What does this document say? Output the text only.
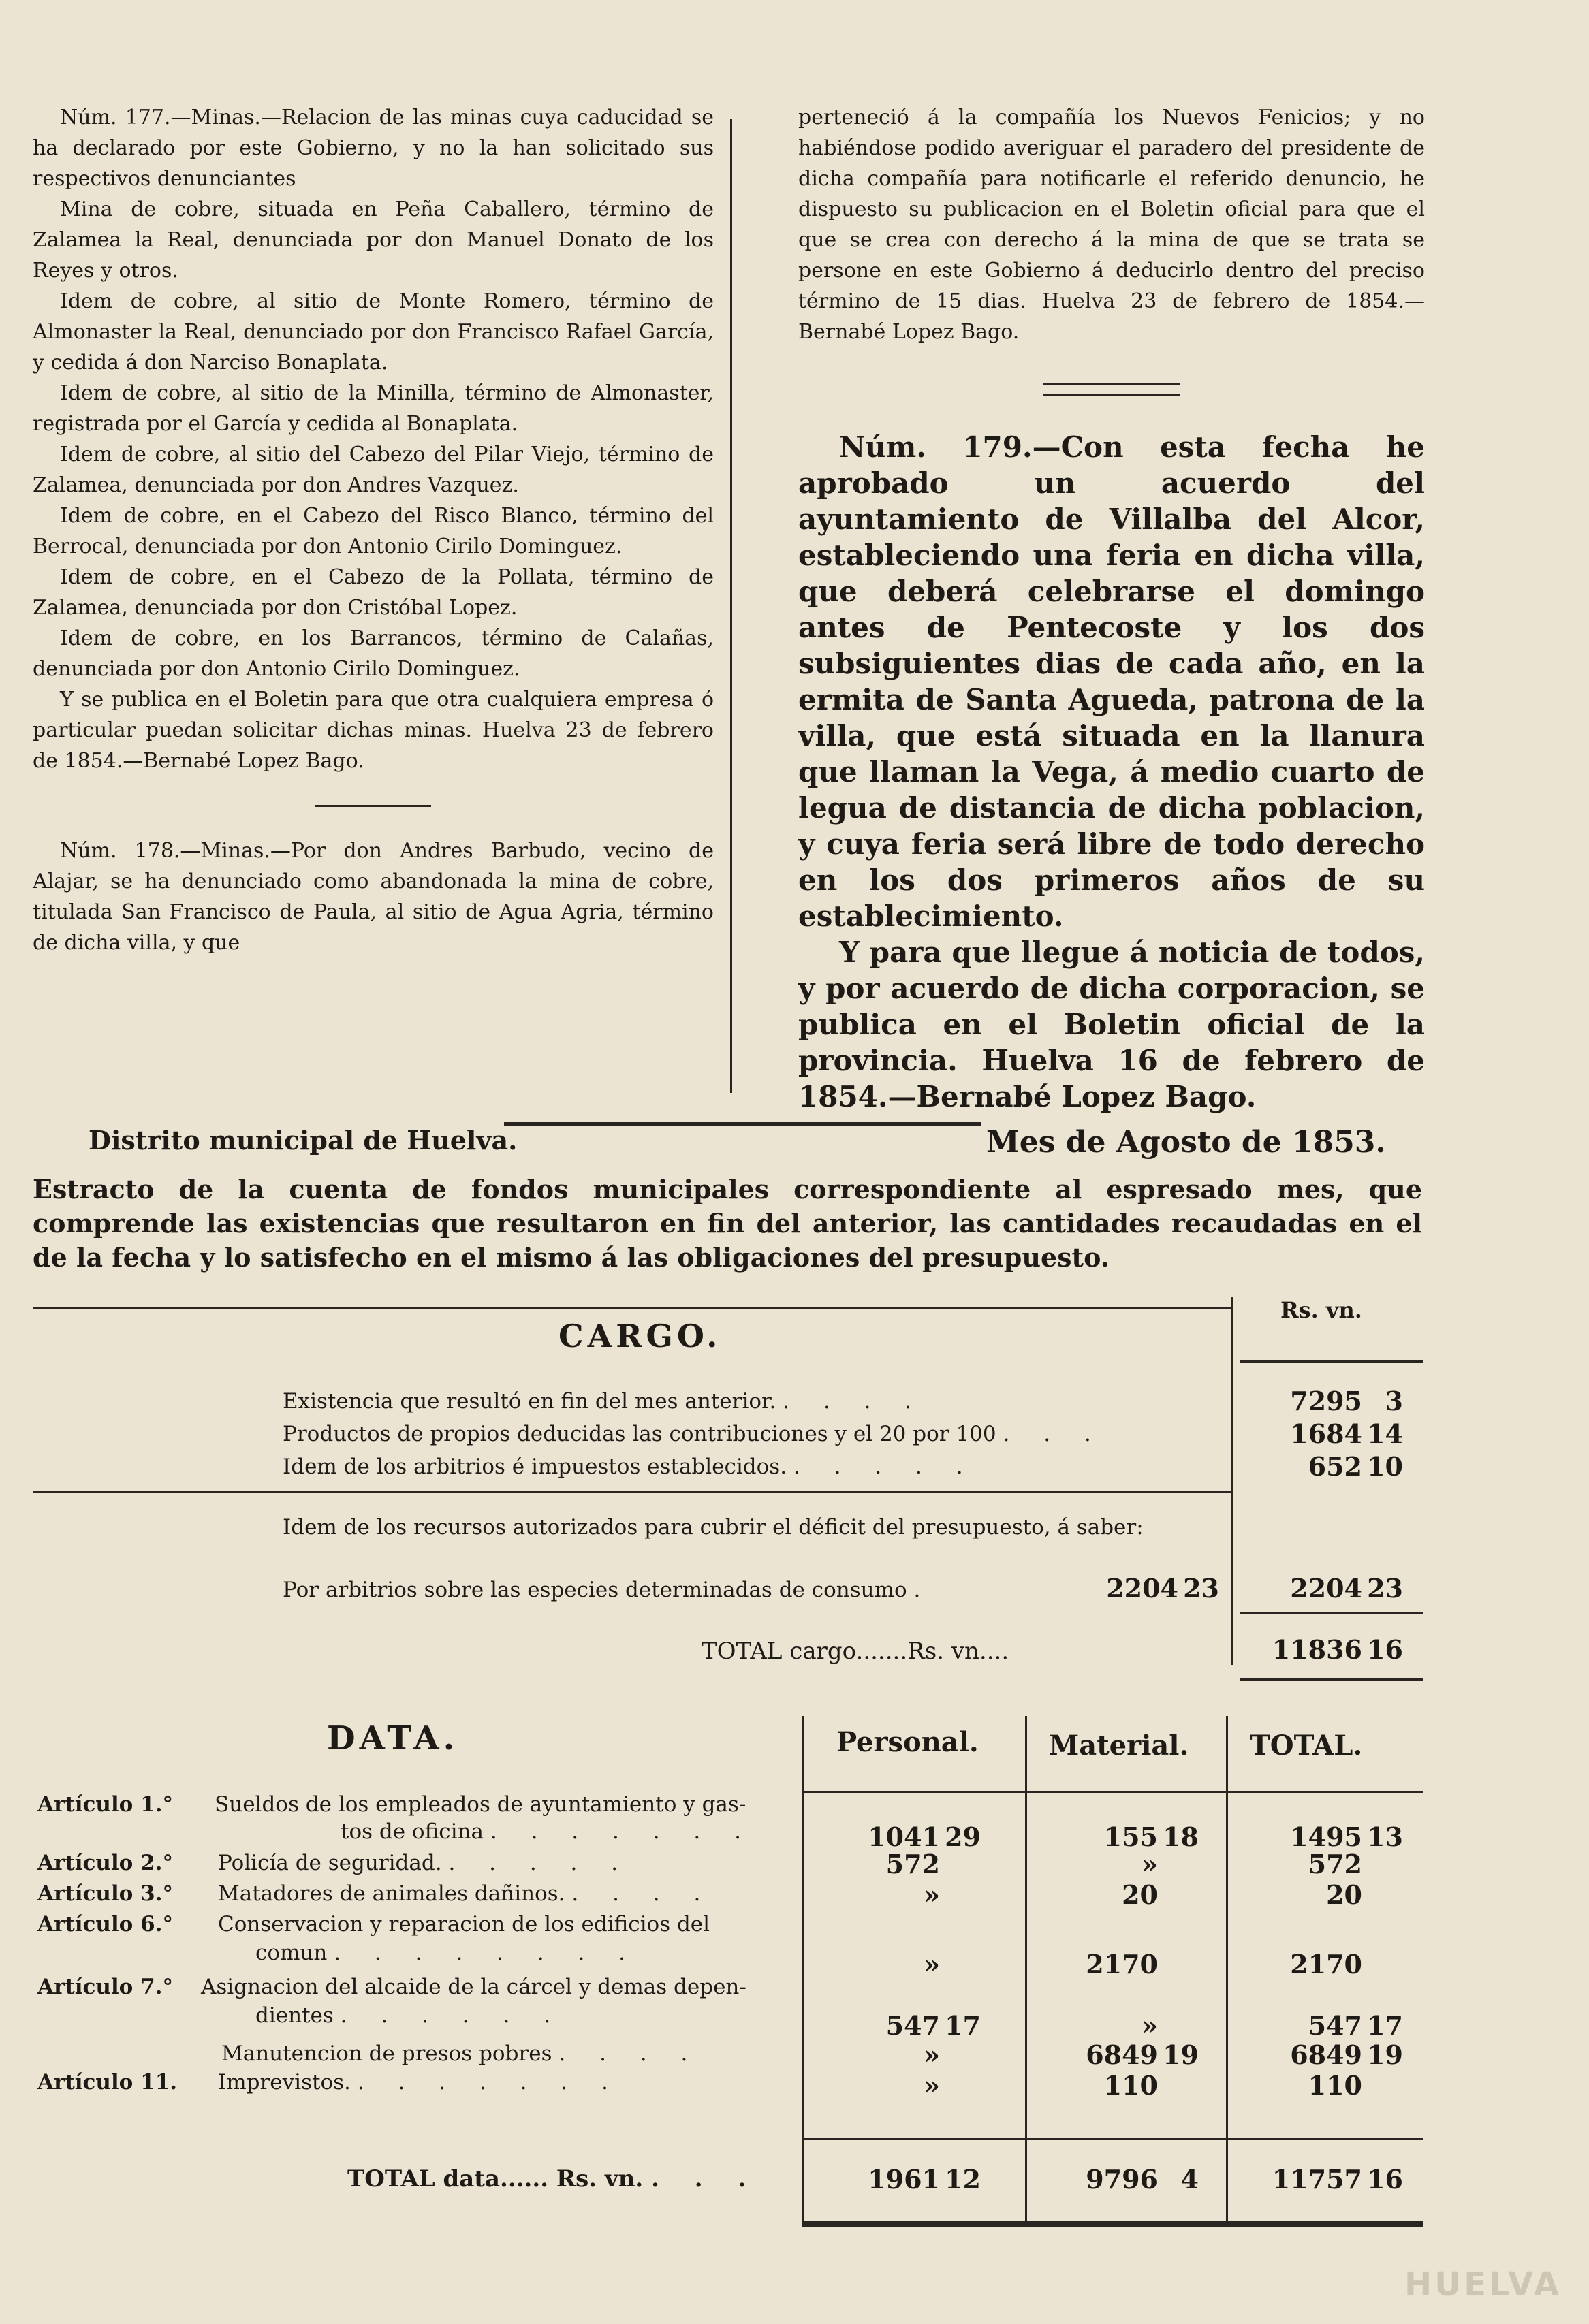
Núm. 177.—Minas.—Relacion de las minas cuya caducidad se ha declarado por este Gobierno, y no la han solicitado sus respectivos denunciantes

Mina de cobre, situada en Peña Caballero, término de Zalamea la Real, denunciada por don Manuel Donato de los Reyes y otros.

Idem de cobre, al sitio de Monte Romero, término de Almonaster la Real, denunciado por don Francisco Rafael García, y cedida á don Narciso Bonaplata.

Idem de cobre, al sitio de la Minilla, término de Almonaster, registrada por el García y cedida al Bonaplata.

Idem de cobre, al sitio del Cabezo del Pilar Viejo, término de Zalamea, denunciada por don Andres Vazquez.

Idem de cobre, en el Cabezo del Risco Blanco, término del Berrocal, denunciada por don Antonio Cirilo Dominguez.

Idem de cobre, en el Cabezo de la Pollata, término de Zalamea, denunciada por don Cristóbal Lopez.

Idem de cobre, en los Barrancos, término de Calañas, denunciada por don Antonio Cirilo Dominguez.

Y se publica en el Boletin para que otra cualquiera empresa ó particular puedan solicitar dichas minas. Huelva 23 de febrero de 1854.—Bernabé Lopez Bago.

Núm. 178.—Minas.—Por don Andres Barbudo, vecino de Alajar, se ha denunciado como abandonada la mina de cobre, titulada San Francisco de Paula, al sitio de Agua Agria, término de dicha villa, y que

perteneció á la compañía los Nuevos Fenicios; y no habiéndose podido averiguar el paradero del presidente de dicha compañía para notificarle el referido denuncio, he dispuesto su publicacion en el Boletin oficial para que el que se crea con derecho á la mina de que se trata se persone en este Gobierno á deducirlo dentro del preciso término de 15 dias. Huelva 23 de febrero de 1854.—Bernabé Lopez Bago.

Núm. 179.—Con esta fecha he aprobado un acuerdo del ayuntamiento de Villalba del Alcor, estableciendo una feria en dicha villa, que deberá celebrarse el domingo antes de Pentecoste y los dos subsiguientes dias de cada año, en la ermita de Santa Agueda, patrona de la villa, que está situada en la llanura que llaman la Vega, á medio cuarto de legua de distancia de dicha poblacion, y cuya feria será libre de todo derecho en los dos primeros años de su establecimiento.

Y para que llegue á noticia de todos, y por acuerdo de dicha corporacion, se publica en el Boletin oficial de la provincia. Huelva 16 de febrero de 1854.—Bernabé Lopez Bago.

Distrito municipal de Huelva.	Mes de Agosto de 1853.
Estracto de la cuenta de fondos municipales correspondiente al espresado mes, que comprende las existencias que resultaron en fin del anterior, las cantidades recaudadas en el de la fecha y lo satisfecho en el mismo á las obligaciones del presupuesto.
CARGO.
Rs. vn.
Existencia que resultó en fin del mes anterior. . . . .	7295 3
Productos de propios deducidas las contribuciones y el 20 por 100 . . .	1684 14
Idem de los arbitrios é impuestos establecidos. . . . . .	652 10
Idem de los recursos autorizados para cubrir el déficit del presupuesto, á saber:
Por arbitrios sobre las especies determinadas de consumo .	2204 23	2204 23
TOTAL cargo.......Rs. vn....	11836 16
DATA.	Personal.	Material. TOTAL.
Artículo 1.° Sueldos de los empleados de ayuntamiento y gas-
tos de oficina . . . . . . .	1041 29	155 18	1495 13
Artículo 2.° Policía de seguridad. . . . . .	572	»	572
Artículo 3.° Matadores de animales dañinos. . . . .	»	20	20
Artículo 6.° Conservacion y reparacion de los edificios del
comun . . . . . . . .	»	2170	2170
Artículo 7.° Asignacion del alcaide de la cárcel y demas depen-
dientes . . . . . .	547 17	»	547 17
Manutencion de presos pobres . . . .	»	6849 19	6849 19
Artículo 11. Imprevistos. . . . . . . .	»	110	110
TOTAL data...... Rs. vn. . . .	1961 12	9796 4	11757 16
HUELVA
